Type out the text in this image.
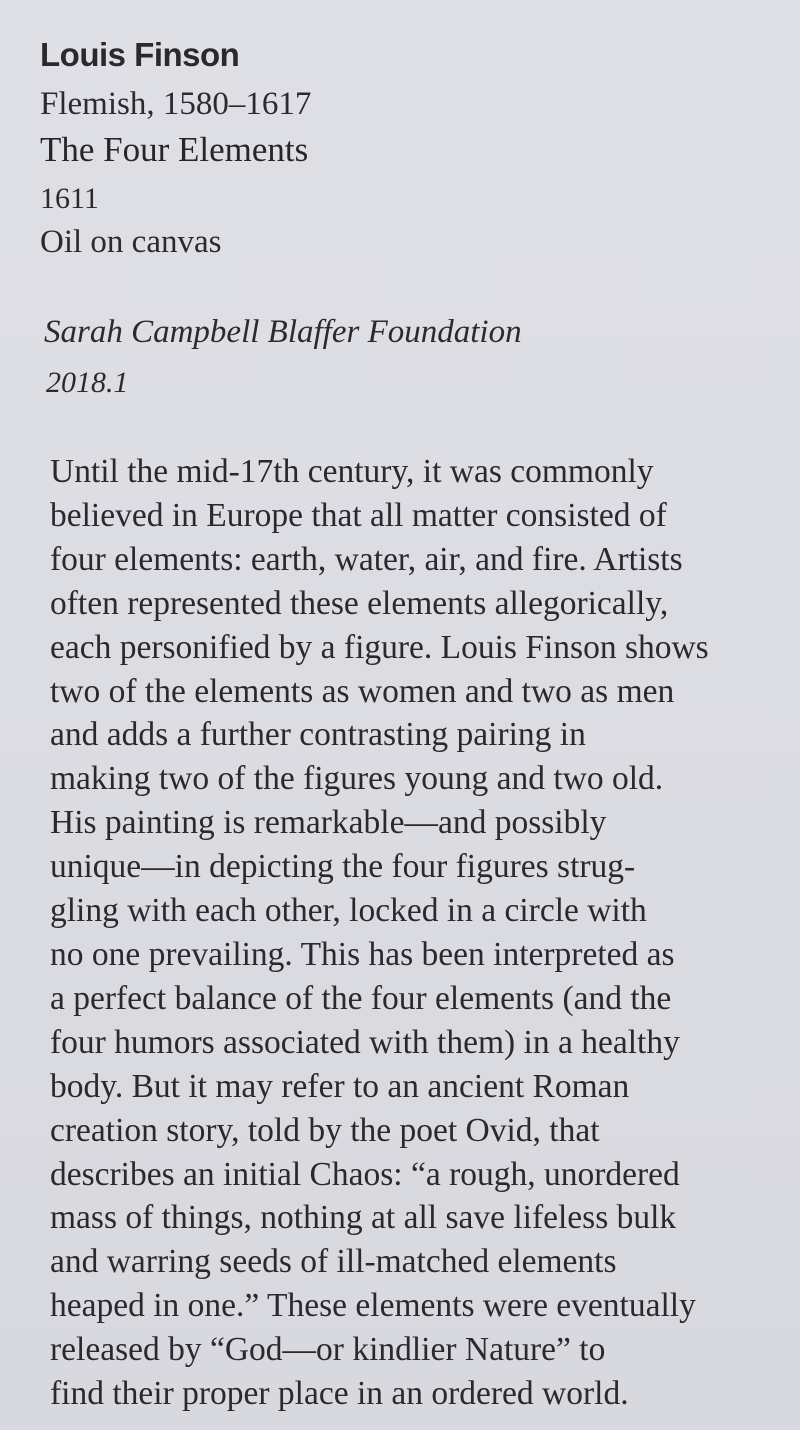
Louis Finson

Flemish, 1580–1617

The Four Elements

1611

Oil on canvas

Sarah Campbell Blaffer Foundation

2018.1

Until the mid-17th century, it was commonly
believed in Europe that all matter consisted of
four elements: earth, water, air, and fire. Artists
often represented these elements allegorically,
each personified by a figure. Louis Finson shows
two of the elements as women and two as men
and adds a further contrasting pairing in
making two of the figures young and two old.
His painting is remarkable—and possibly
unique—in depicting the four figures strug-
gling with each other, locked in a circle with
no one prevailing. This has been interpreted as
a perfect balance of the four elements (and the
four humors associated with them) in a healthy
body. But it may refer to an ancient Roman
creation story, told by the poet Ovid, that
describes an initial Chaos: “a rough, unordered
mass of things, nothing at all save lifeless bulk
and warring seeds of ill-matched elements
heaped in one.” These elements were eventually
released by “God—or kindlier Nature” to
find their proper place in an ordered world.
